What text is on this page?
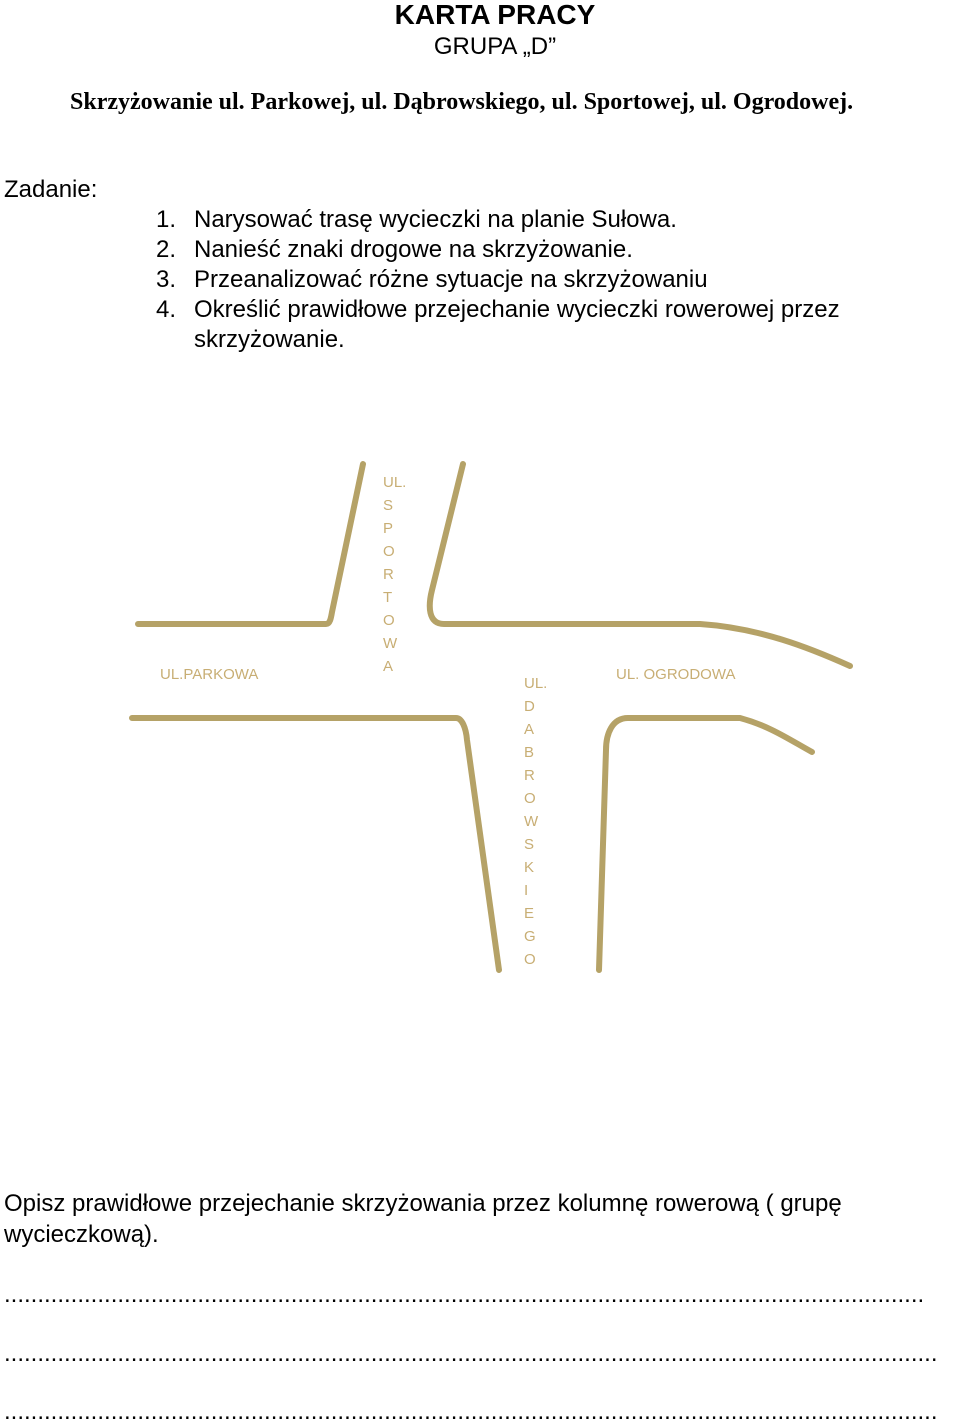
KARTA PRACY
GRUPA „D”
Skrzyżowanie ul. Parkowej, ul. Dąbrowskiego, ul. Sportowej, ul. Ogrodowej.
Zadanie:
1. Narysować trasę wycieczki na planie Sułowa.
2. Nanieść znaki drogowe na skrzyżowanie.
3. Przeanalizować różne sytuacje na skrzyżowaniu
4. Określić prawidłowe przejechanie wycieczki rowerowej przez skrzyżowanie.
UL.PARKOWA	UL. OGRODOWA
UL.
S
P
O
R
T
O
W
A
UL.
D
A
B
R
O
W
S
K
I
E
G
O
Opisz prawidłowe przejechanie skrzyżowania przez kolumnę rowerową ( grupę wycieczkową).
..........................................................................................................................................
............................................................................................................................................
............................................................................................................................................
